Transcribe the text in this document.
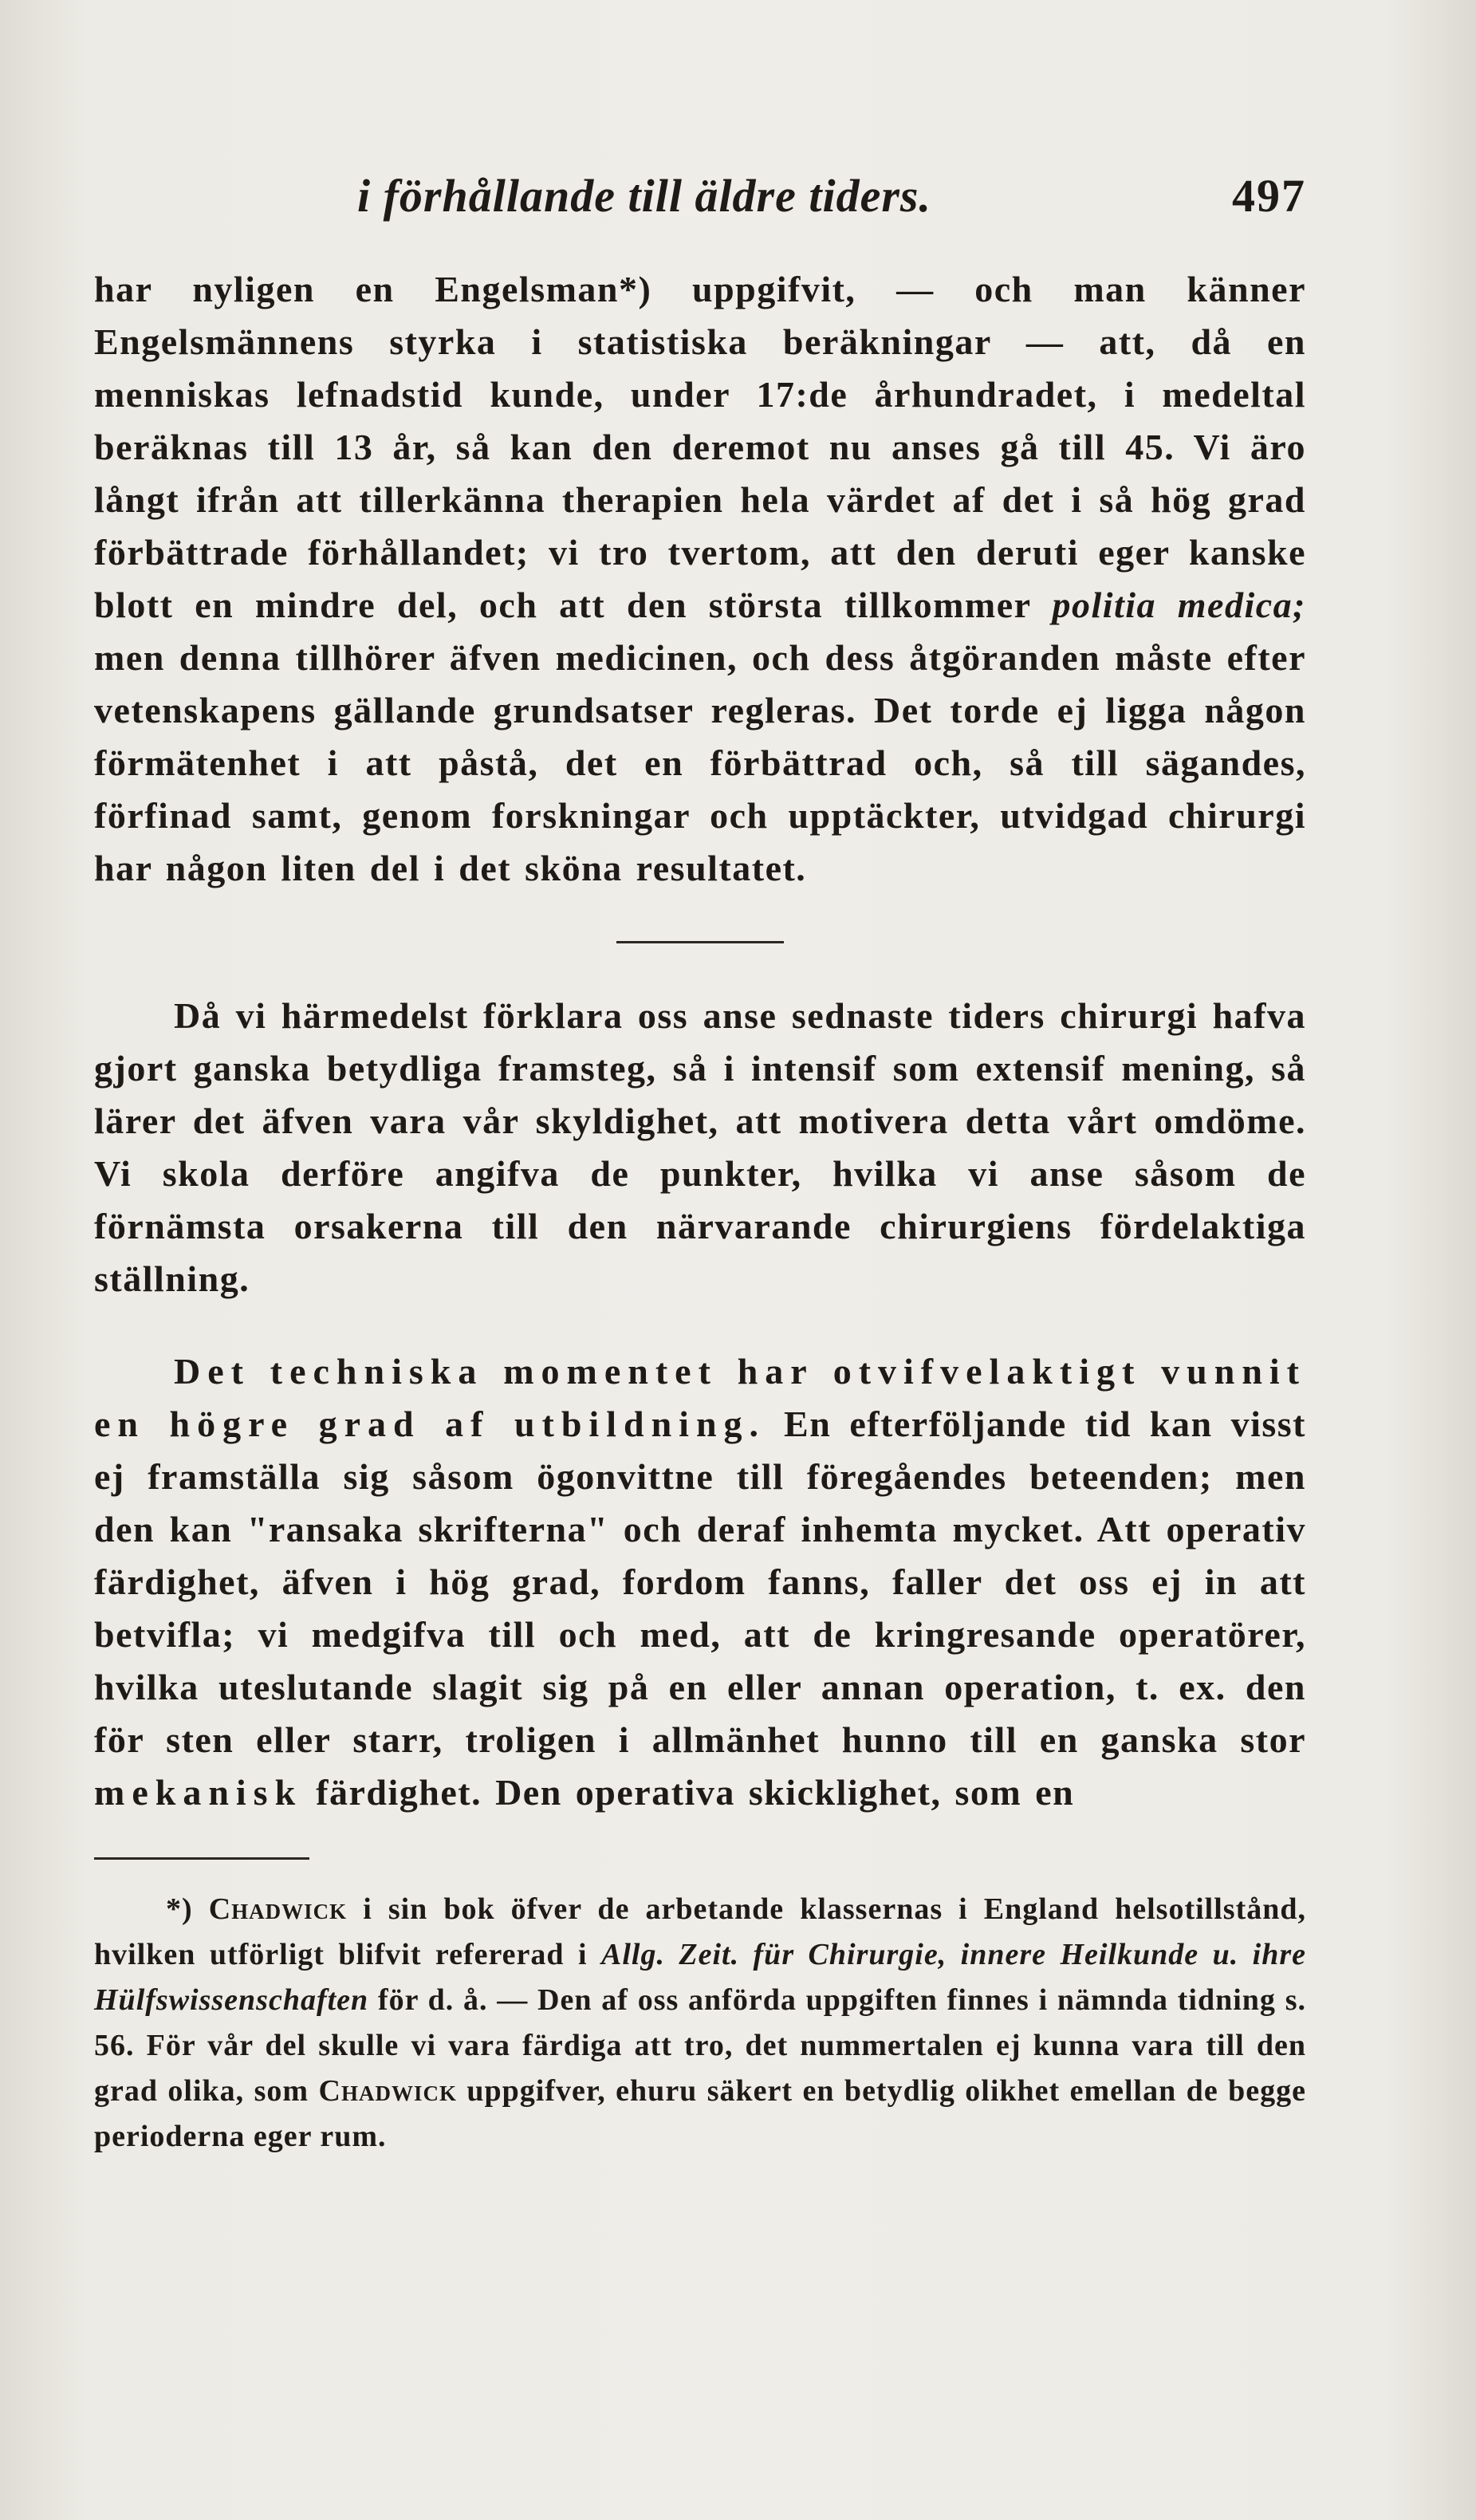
i förhållande till äldre tiders.	497

har nyligen en Engelsman*) uppgifvit, — och man känner Engelsmännens styrka i statistiska beräkningar — att, då en menniskas lefnadstid kunde, under 17:de århundradet, i medeltal beräknas till 13 år, så kan den deremot nu anses gå till 45. Vi äro långt ifrån att tillerkänna therapien hela värdet af det i så hög grad förbättrade förhållandet; vi tro tvertom, att den deruti eger kanske blott en mindre del, och att den största tillkommer politia medica; men denna tillhörer äfven medicinen, och dess åtgöranden måste efter vetenskapens gällande grundsatser regleras. Det torde ej ligga någon förmätenhet i att påstå, det en förbättrad och, så till sägandes, förfinad samt, genom forskningar och upptäckter, utvidgad chirurgi har någon liten del i det sköna resultatet.

Då vi härmedelst förklara oss anse sednaste tiders chirurgi hafva gjort ganska betydliga framsteg, så i intensif som extensif mening, så lärer det äfven vara vår skyldighet, att motivera detta vårt omdöme. Vi skola derföre angifva de punkter, hvilka vi anse såsom de förnämsta orsakerna till den närvarande chirurgiens fördelaktiga ställning.

Det techniska momentet har otvifvelaktigt vunnit en högre grad af utbildning. En efterföljande tid kan visst ej framställa sig såsom ögonvittne till föregåendes beteenden; men den kan "ransaka skrifterna" och deraf inhemta mycket. Att operativ färdighet, äfven i hög grad, fordom fanns, faller det oss ej in att betvifla; vi medgifva till och med, att de kringresande operatörer, hvilka uteslutande slagit sig på en eller annan operation, t. ex. den för sten eller starr, troligen i allmänhet hunno till en ganska stor mekanisk färdighet. Den operativa skicklighet, som en

*) Chadwick i sin bok öfver de arbetande klassernas i England helsotillstånd, hvilken utförligt blifvit refererad i Allg. Zeit. für Chirurgie, innere Heilkunde u. ihre Hülfswissenschaften för d. å. — Den af oss anförda uppgiften finnes i nämnda tidning s. 56. För vår del skulle vi vara färdiga att tro, det nummertalen ej kunna vara till den grad olika, som Chadwick uppgifver, ehuru säkert en betydlig olikhet emellan de begge perioderna eger rum.
